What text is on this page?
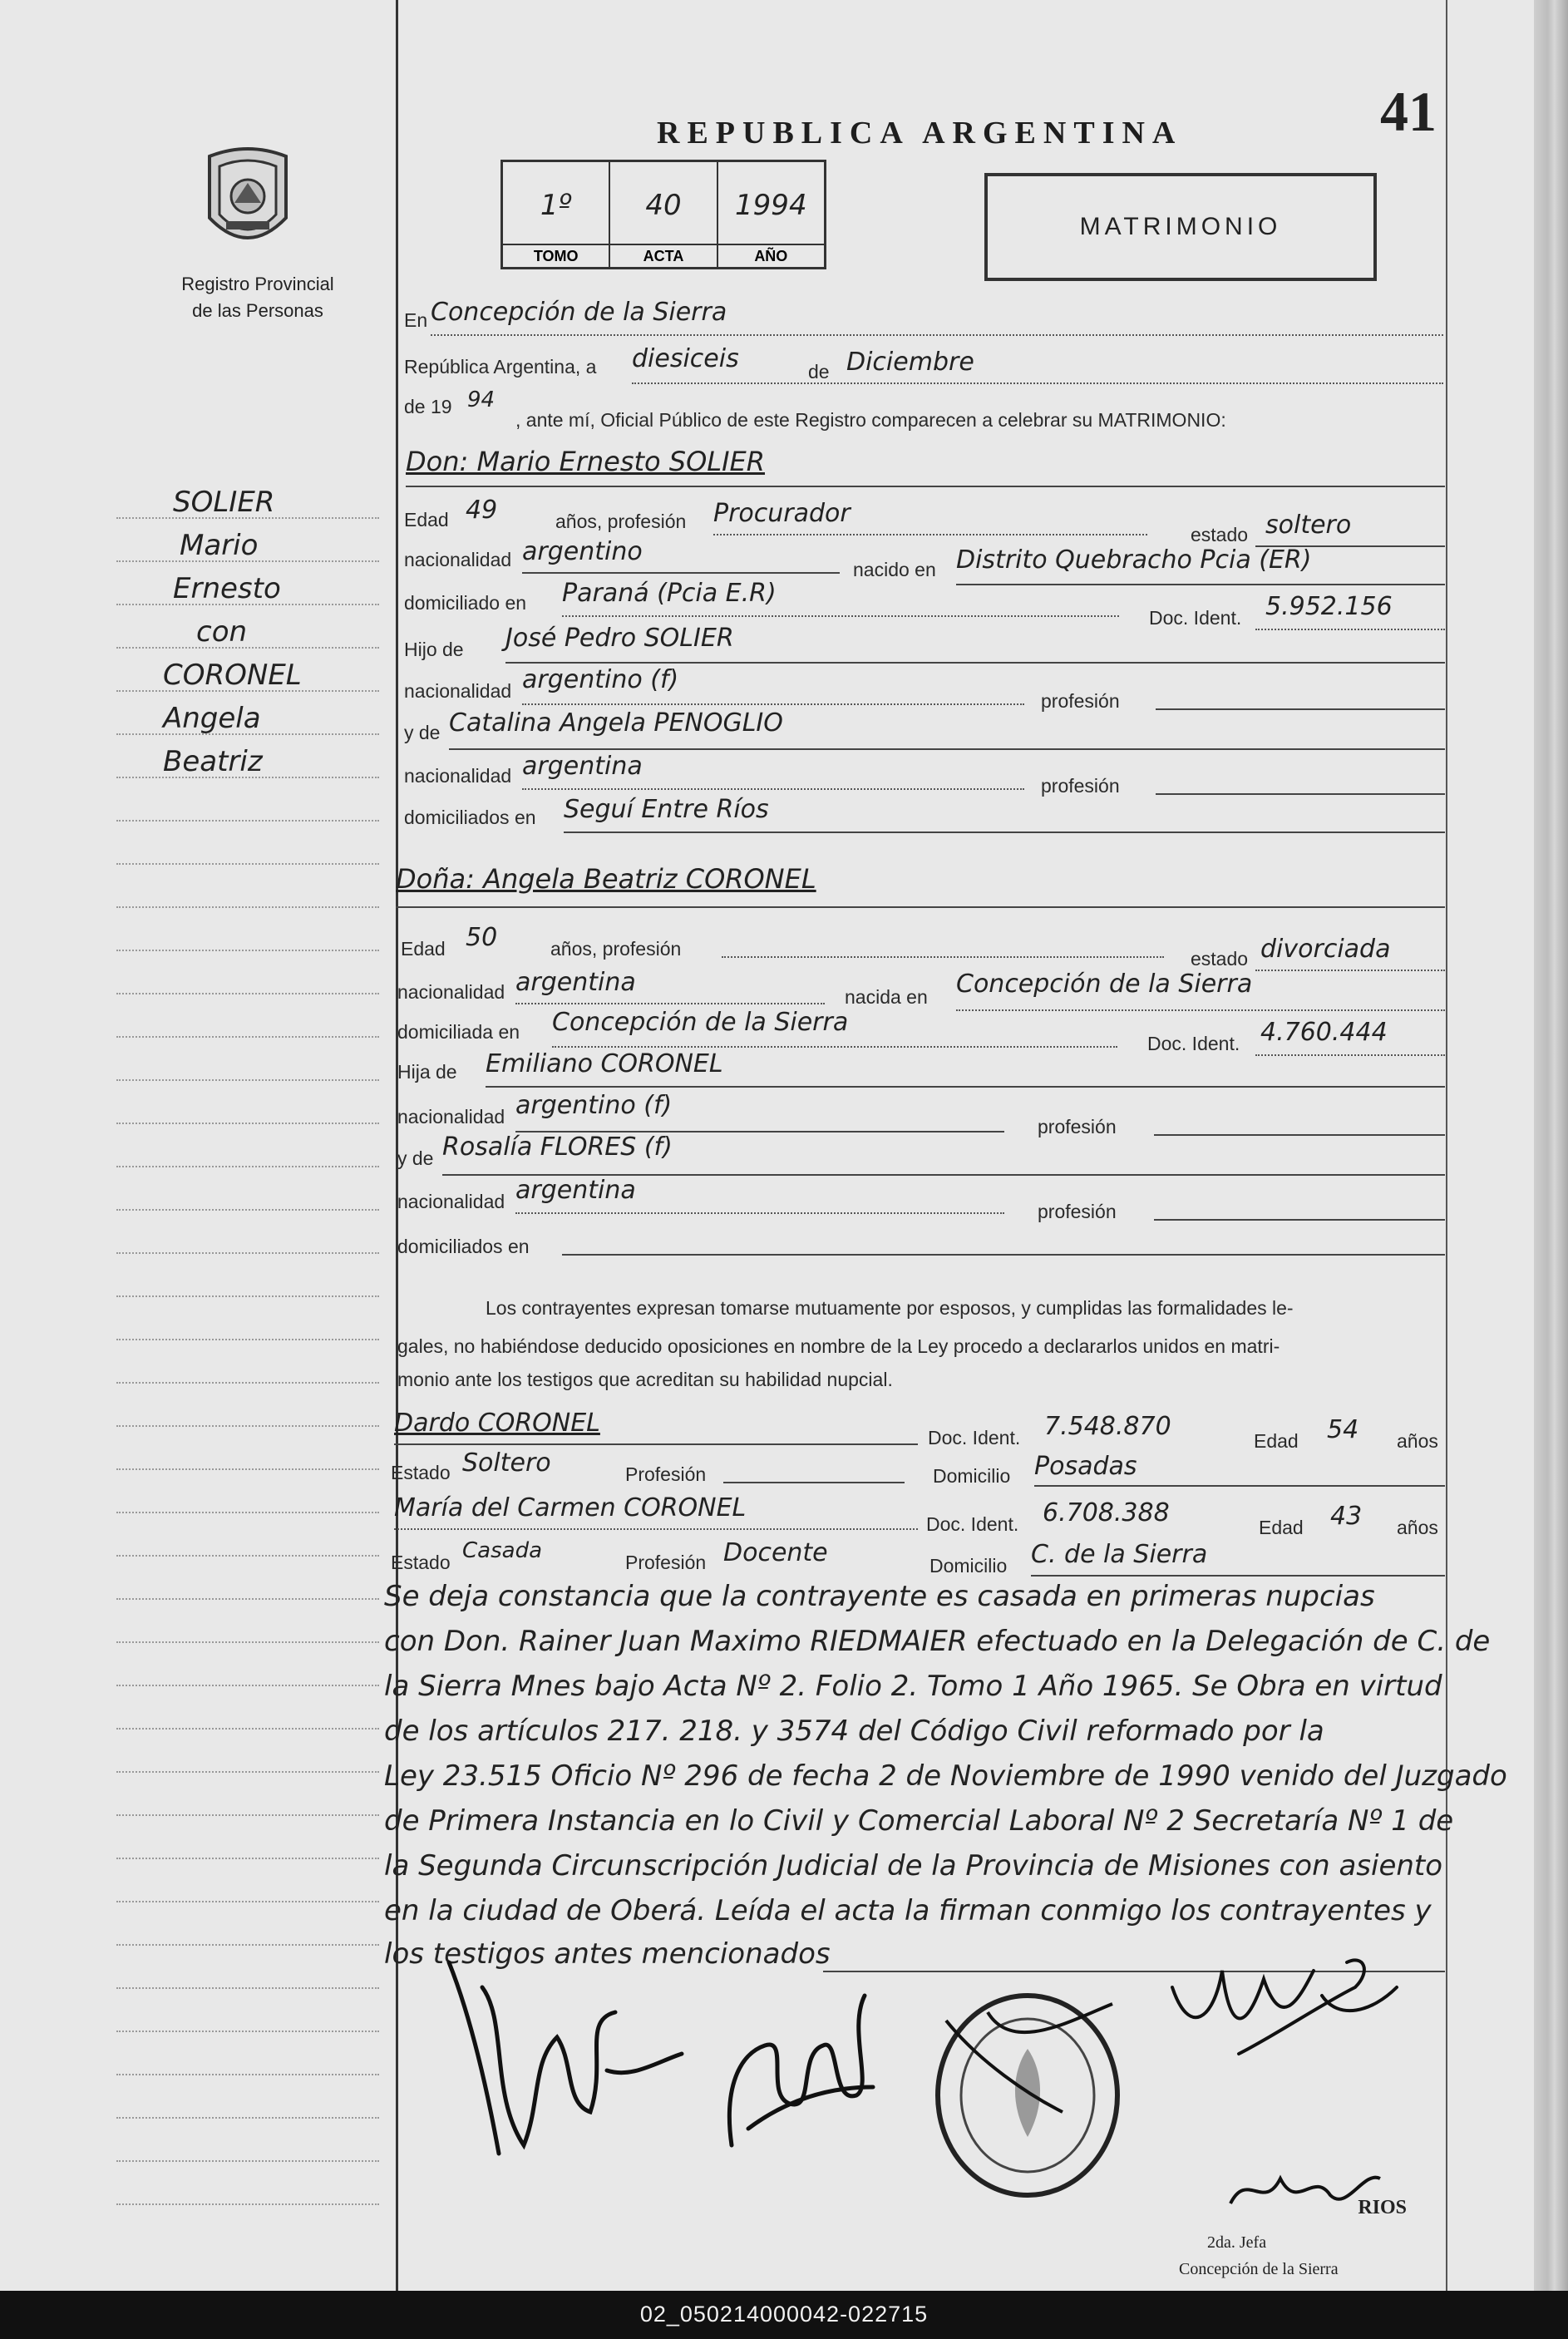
REPUBLICA ARGENTINA	41
Registro Provincial
de las Personas
1º
TOMO
40
ACTA
1994
AÑO
MATRIMONIO
SOLIER
Mario
Ernesto
con
CORONEL
Angela
Beatriz
En Concepción de la Sierra
República Argentina, a diesiceis	de Diciembre
de 19 94
, ante mí, Oficial Público de este Registro comparecen a celebrar su MATRIMONIO:
Don: Mario Ernesto SOLIER
Edad 49	años, profesión Procurador
estado soltero
nacionalidad argentino
nacido en Distrito Quebracho Pcia (ER)
domiciliado en Paraná (Pcia E.R)
Doc. Ident. 5.952.156
Hijo de José Pedro SOLIER
nacionalidad argentino (f)
profesión
y de Catalina Angela PENOGLIO
nacionalidad argentina
profesión
domiciliados en Seguí Entre Ríos
Doña: Angela Beatriz CORONEL
Edad 50	años, profesión	estado divorciada
nacionalidad argentina	nacida en Concepción de la Sierra
domiciliada en Concepción de la Sierra
Doc. Ident. 4.760.444
Hija de Emiliano CORONEL
nacionalidad argentino (f)
profesión
y de Rosalía FLORES (f)
nacionalidad argentina
profesión
domiciliados en
Los contrayentes expresan tomarse mutuamente por esposos, y cumplidas las formalidades le-
gales, no habiéndose deducido oposiciones en nombre de la Ley procedo a declararlos unidos en matri-
monio ante los testigos que acreditan su habilidad nupcial.
Dardo CORONEL	Doc. Ident. 7.548.870	Edad 54 años
Estado Soltero	Profesión	Domicilio Posadas
María del Carmen CORONEL
Doc. Ident. 6.708.388	Edad 43 años
Estado Casada	Profesión Docente	Domicilio C. de la Sierra
Se deja constancia que la contrayente es casada en primeras nupcias
con Don. Rainer Juan Maximo RIEDMAIER efectuado en la Delegación de C. de
la Sierra Mnes bajo Acta Nº 2. Folio 2. Tomo 1 Año 1965. Se Obra en virtud
de los artículos 217. 218. y 3574 del Código Civil reformado por la
Ley 23.515 Oficio Nº 296 de fecha 2 de Noviembre de 1990 venido del Juzgado
de Primera Instancia en lo Civil y Comercial Laboral Nº 2 Secretaría Nº 1 de
la Segunda Circunscripción Judicial de la Provincia de Misiones con asiento
en la ciudad de Oberá. Leída el acta la firman conmigo los contrayentes y
los testigos antes mencionados
RIOS
2da. Jefa
Concepción de la Sierra
02_050214000042-022715
